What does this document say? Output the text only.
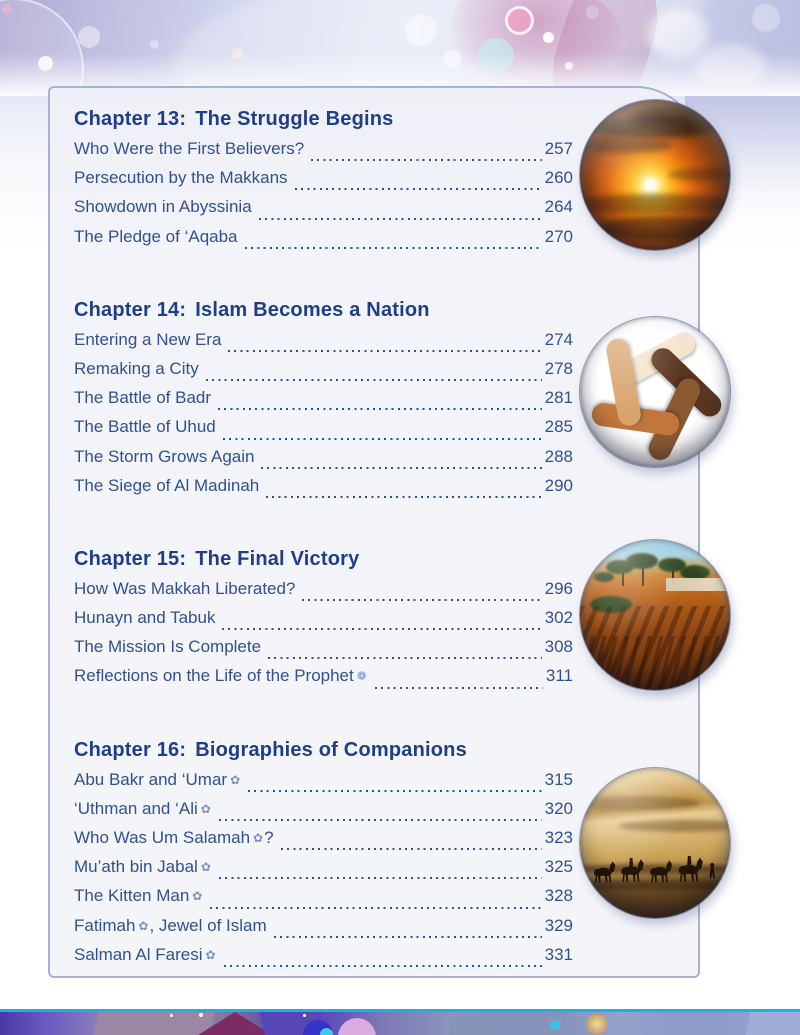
Chapter 13: The Struggle Begins
Who Were the First Believers?	257
Persecution by the Makkans	260
Showdown in Abyssinia	264
The Pledge of ‘Aqaba	270
Chapter 14: Islam Becomes a Nation
Entering a New Era	274
Remaking a City	278
The Battle of Badr	281
The Battle of Uhud	285
The Storm Grows Again	288
The Siege of Al Madinah	290
Chapter 15: The Final Victory
How Was Makkah Liberated?	296
Hunayn and Tabuk	302
The Mission Is Complete	308
Reflections on the Life of the Prophet ❁	311
Chapter 16: Biographies of Companions
Abu Bakr and ‘Umar ✿	315
‘Uthman and ‘Ali ✿	320
Who Was Um Salamah ✿ ?	323
Mu’ath bin Jabal ✿	325
The Kitten Man ✿	328
Fatimah ✿ , Jewel of Islam	329
Salman Al Faresi ✿	331
